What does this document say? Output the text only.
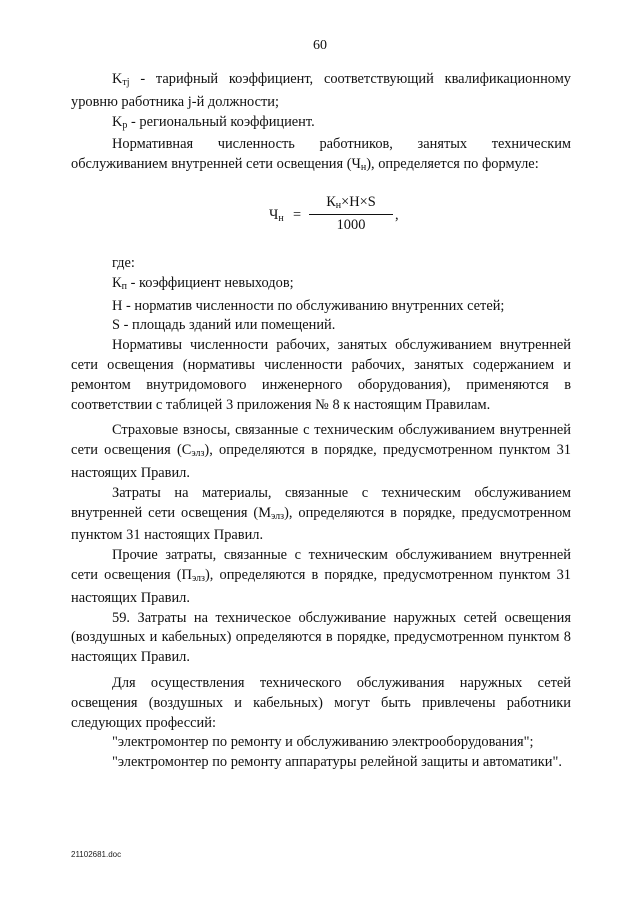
60

$K_{тj}$ - тарифный коэффициент, соответствующий квалификационному уровню работника j-й должности;

$K_р$ - региональный коэффициент.

Нормативная численность работников, занятых техническим обслуживанием внутренней сети освещения $(Ч_н)$, определяется по формуле:

$Ч_н$ =
$К_н\times Н\times S$
1000
,

где:

$К_п$ - коэффициент невыходов;

Н - норматив численности по обслуживанию внутренних сетей;

S - площадь зданий или помещений.

Нормативы численности рабочих, занятых обслуживанием внутренней сети освещения (нормативы численности рабочих, занятых содержанием и ремонтом внутридомового инженерного оборудования), применяются в соответствии с таблицей 3 приложения № 8 к настоящим Правилам.

Страховые взносы, связанные с техническим обслуживанием внутренней сети освещения $(С_{элз})$, определяются в порядке, предусмотренном пунктом 31 настоящих Правил.

Затраты на материалы, связанные с техническим обслуживанием внутренней сети освещения $(М_{элз})$, определяются в порядке, предусмотренном пунктом 31 настоящих Правил.

Прочие затраты, связанные с техническим обслуживанием внутренней сети освещения $(П_{элз})$, определяются в порядке, предусмотренном пунктом 31 настоящих Правил.

59. Затраты на техническое обслуживание наружных сетей освещения (воздушных и кабельных) определяются в порядке, предусмотренном пунктом 8 настоящих Правил.

Для осуществления технического обслуживания наружных сетей освещения (воздушных и кабельных) могут быть привлечены работники следующих профессий:

"электромонтер по ремонту и обслуживанию электрооборудования";

"электромонтер по ремонту аппаратуры релейной защиты и автоматики".

21102681.doc
